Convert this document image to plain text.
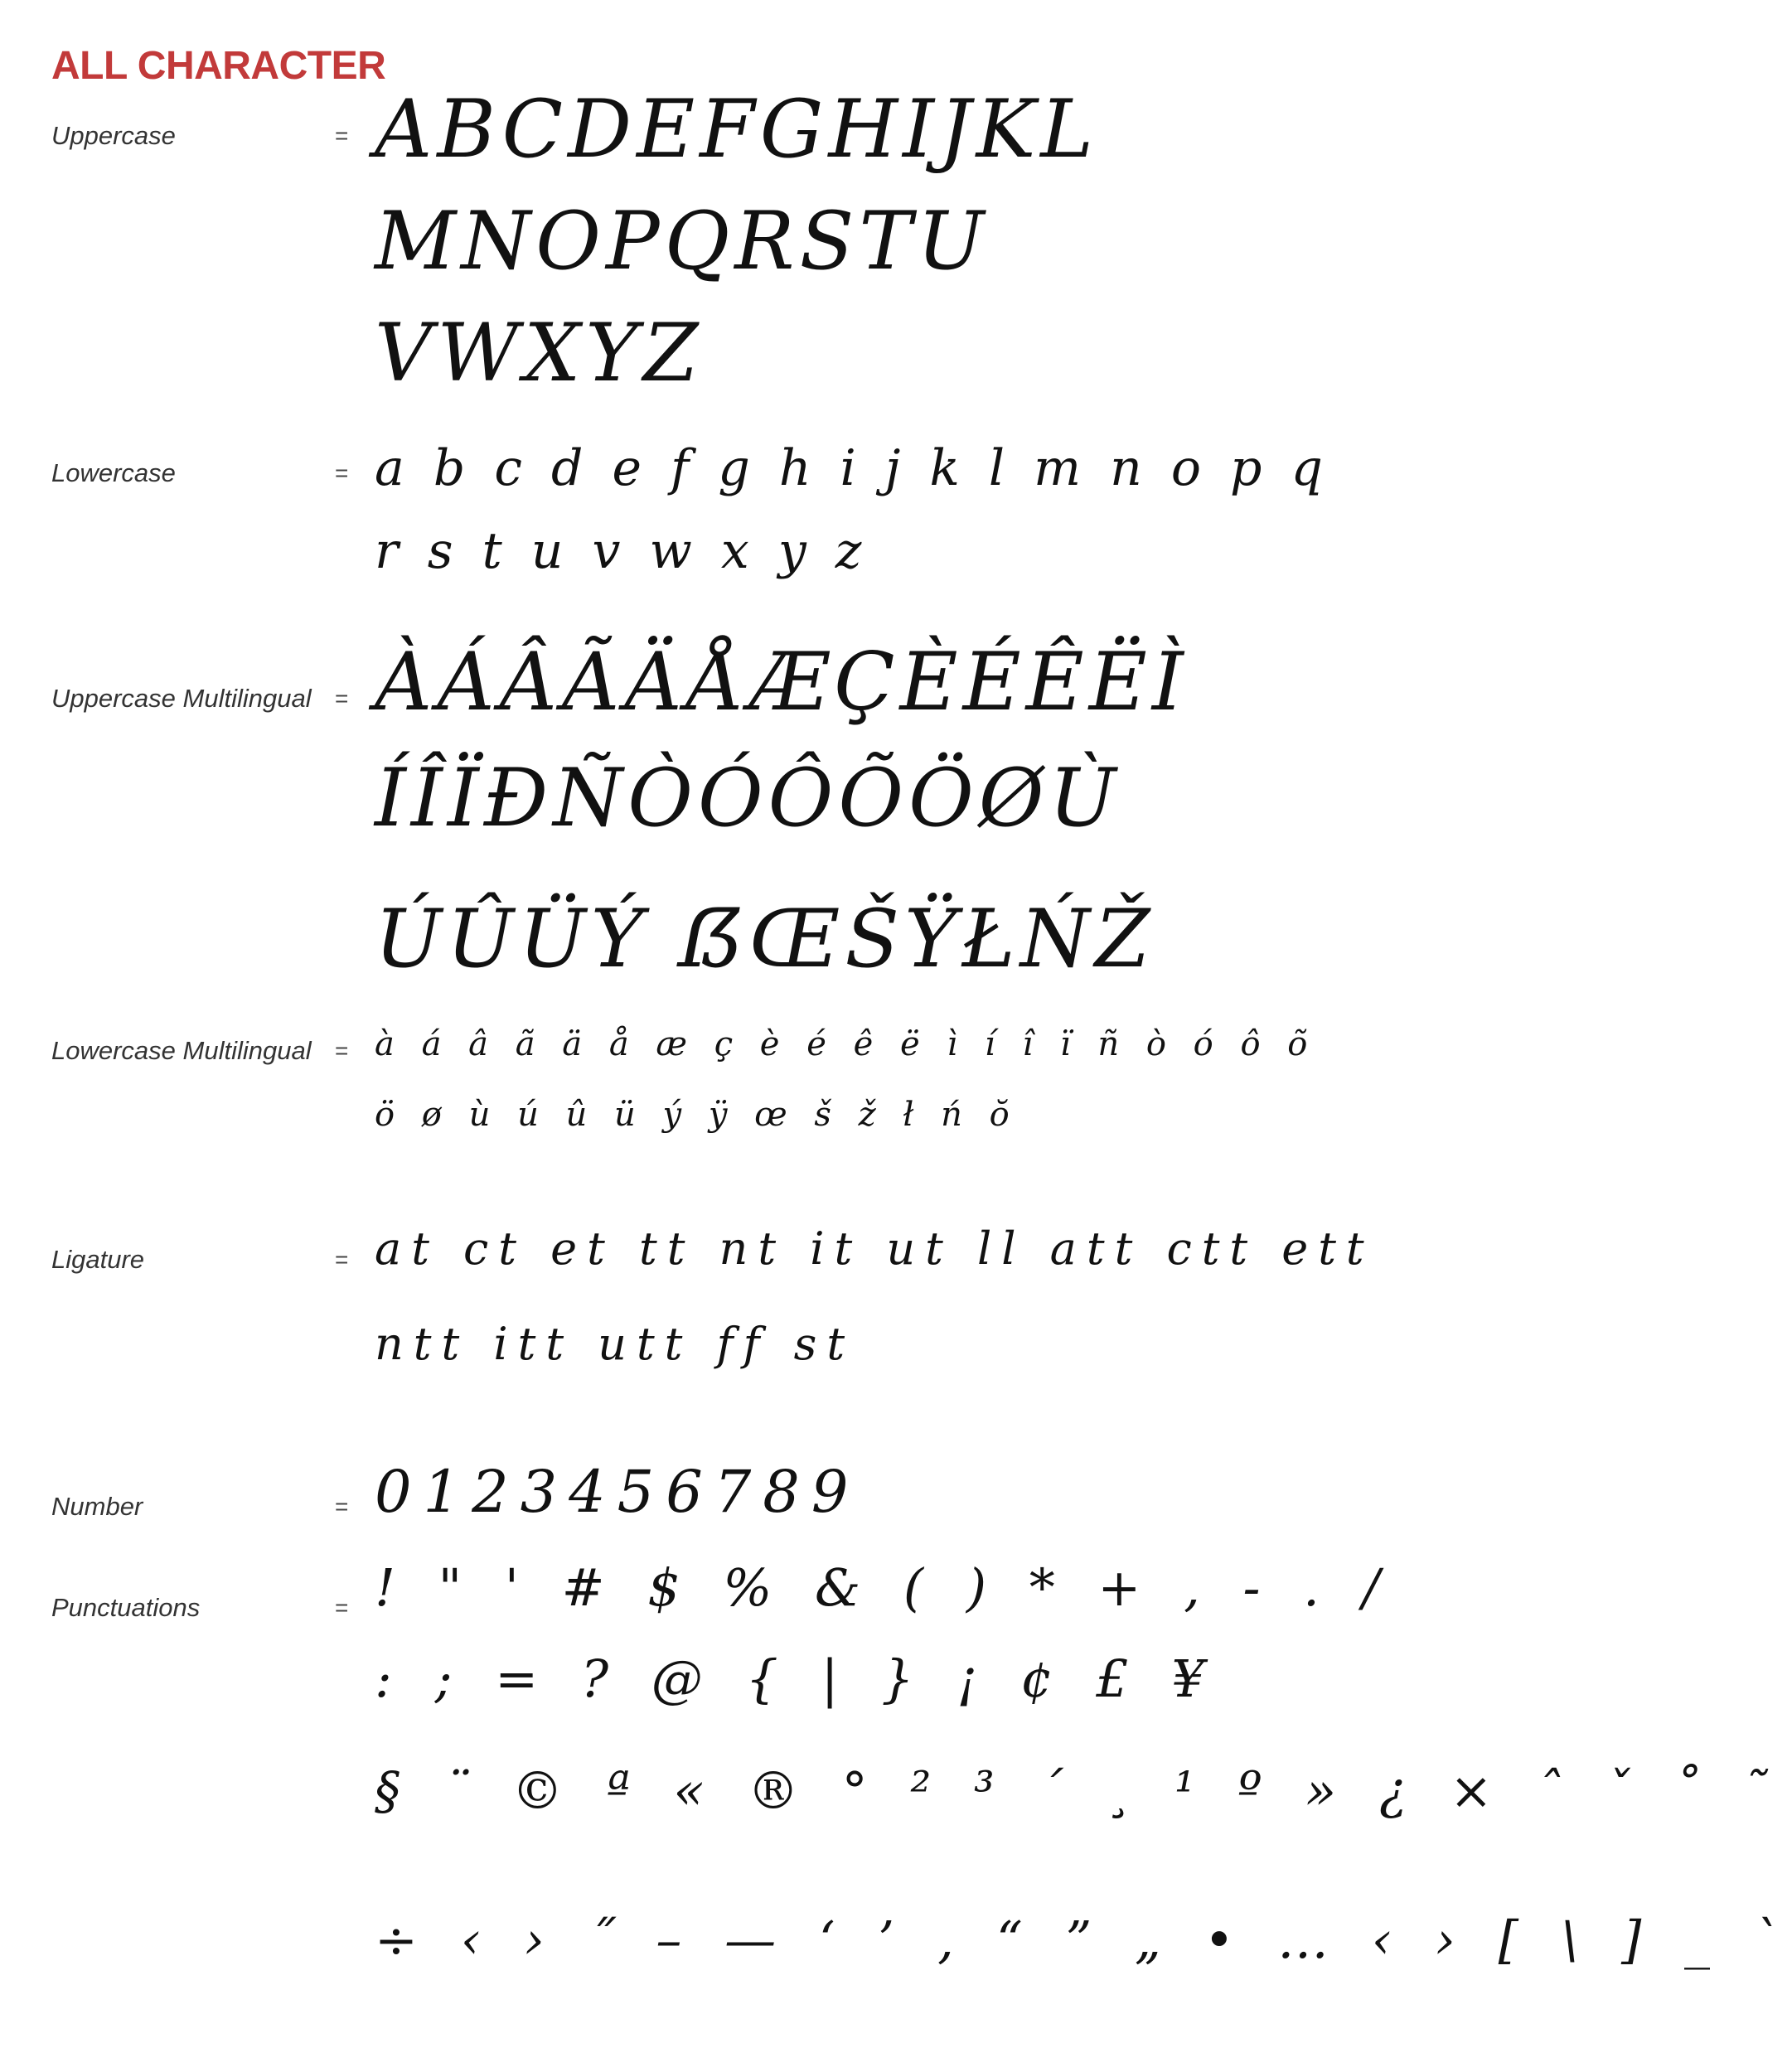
ALL CHARACTER
Uppercase	= ABCDEFGHIJKL
MNOPQRSTU
VWXYZ
Lowercase	= a b c d e f g h i j k l m n o p q
r s t u v w x y z
Uppercase Multilingual = ÀÁÂÃÄÅÆÇÈÉÊËÌ
ÍÎÏÐÑÒÓÔÕÖØÙ
ÚÛÜÝ ẞŒŠŸŁŃŽ
Lowercase Multilingual = à á â ã ä å æ ç è é ê ë ì í î ï ñ ò ó ô õ
ö ø ù ú û ü ý ÿ œ š ž ł ń ŏ
Ligature	= at ct et tt nt it ut ll att ctt ett
ntt itt utt ff st
Number	= 0123456789
Punctuations	= ! " ' # $ % & ( ) * + , - . /
: ; = ? @ { | } ¡ ¢ £ ¥
§ ¨ © ª « ® ° ² ³ ´ ¸ ¹ º » ¿ × ˆ ˇ ˚ ˜
÷ ‹ › ˝ – — ‘ ’ ‚ “ ” „ • … ‹ › [ \ ] _ `
